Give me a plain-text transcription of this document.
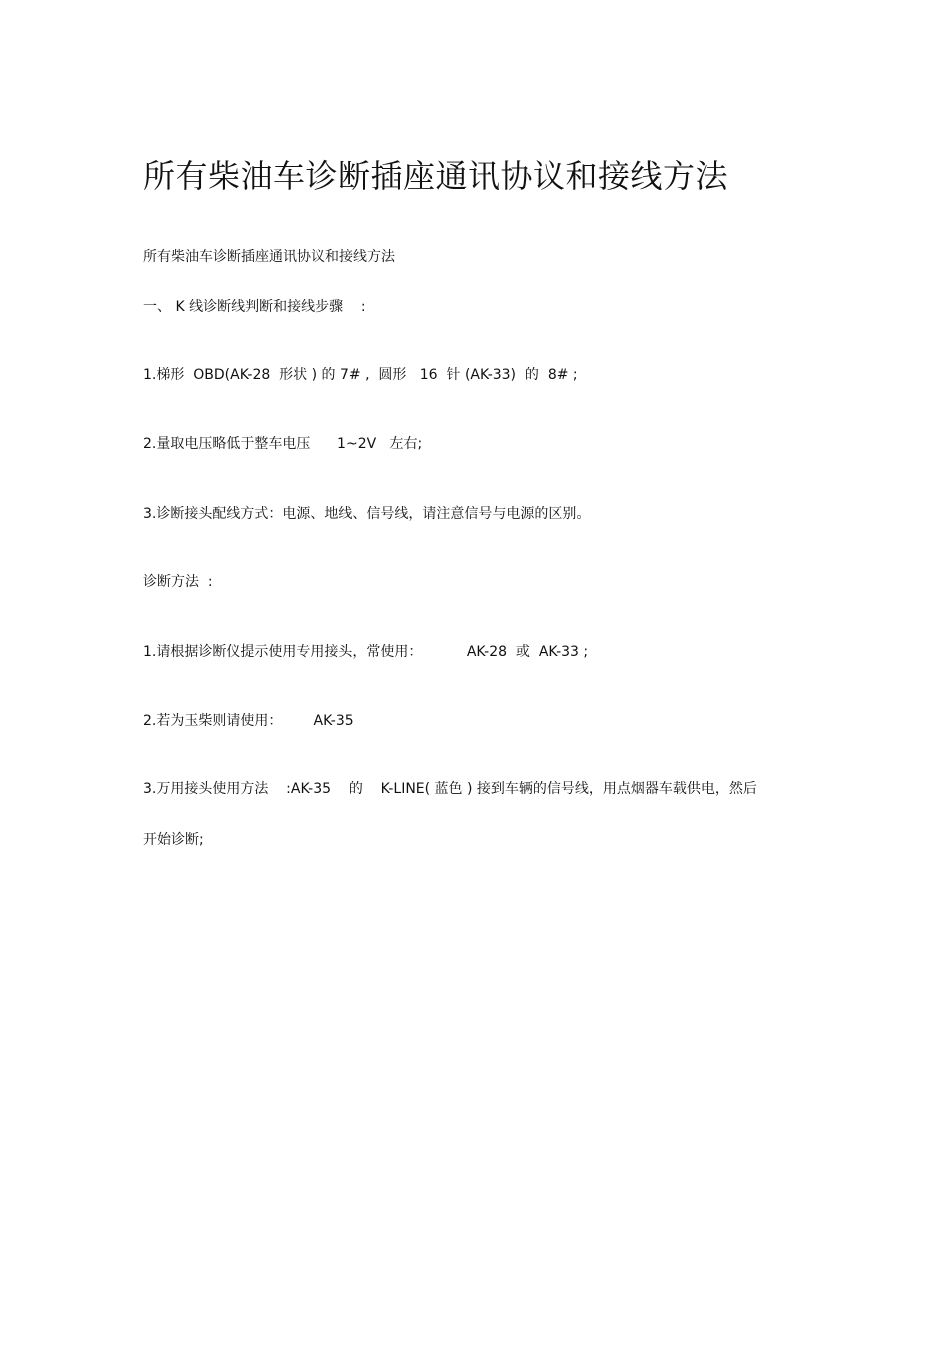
所有柴油车诊断插座通讯协议和接线方法

所有柴油车诊断插座通讯协议和接线方法

一、 K 线诊断线判断和接线步骤    :

1.梯形  OBD(AK-28  形状 ) 的 7# ,  圆形   16  针 (AK-33)  的  8# ;

2.量取电压略低于整车电压      1~2V   左右;

3.诊断接头配线方式：电源、地线、信号线，请注意信号与电源的区别。

诊断方法  :

1.请根据诊断仪提示使用专用接头，常使用：          AK-28  或  AK-33 ;

2.若为玉柴则请使用：       AK-35

3.万用接头使用方法    :AK-35    的    K-LINE( 蓝色 ) 接到车辆的信号线，用点烟器车载供电，然后

开始诊断;
